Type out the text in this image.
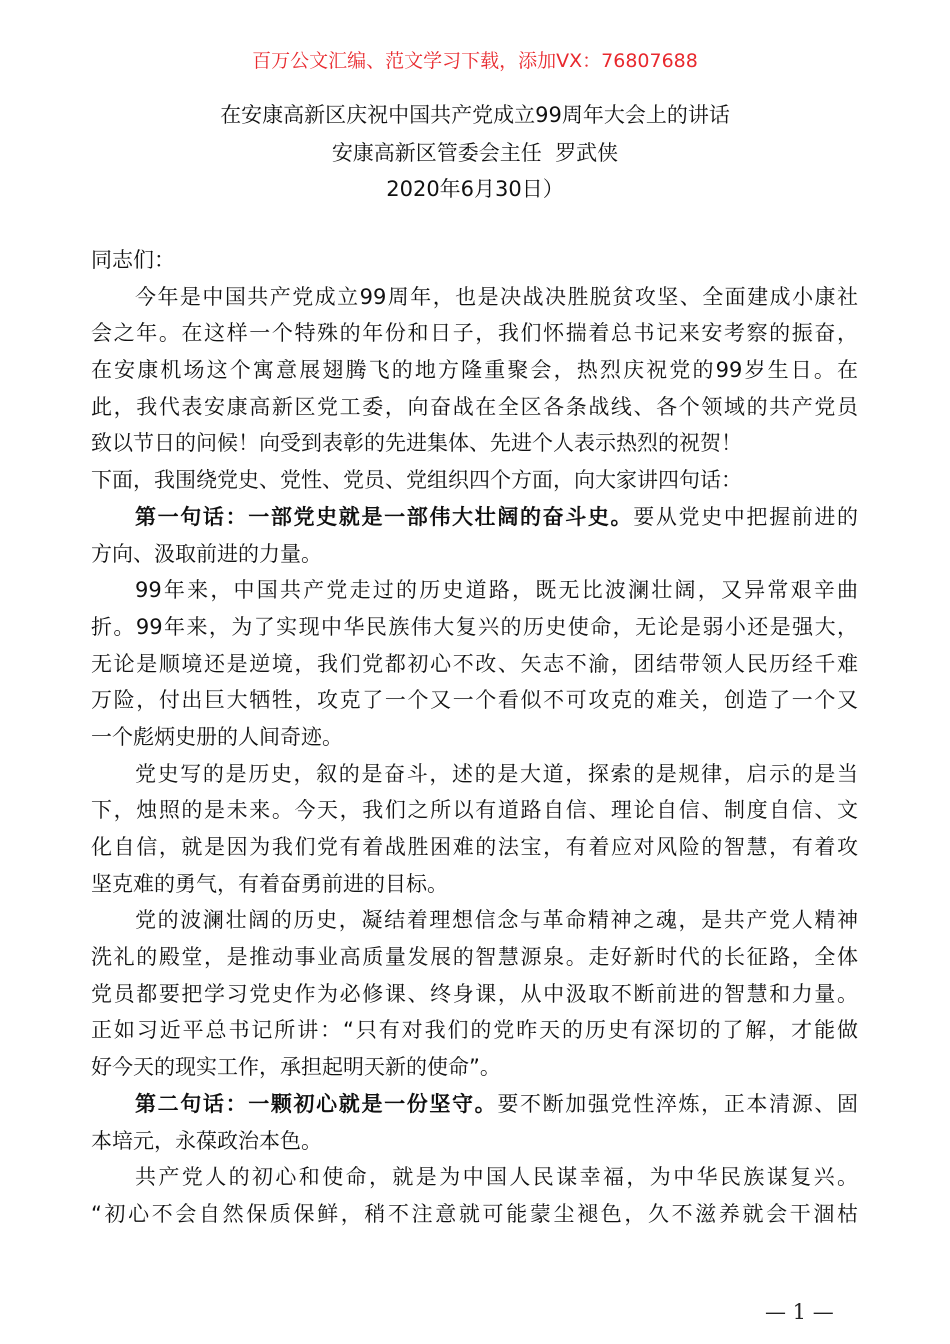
百万公文汇编、范文学习下载，添加VX：76807688
在安康高新区庆祝中国共产党成立99周年大会上的讲话
安康高新区管委会主任  罗武侠
2020年6月30日）
同志们：
今年是中国共产党成立99周年，也是决战决胜脱贫攻坚、全面建成小康社
会之年。在这样一个特殊的年份和日子，我们怀揣着总书记来安考察的振奋，
在安康机场这个寓意展翅腾飞的地方隆重聚会，热烈庆祝党的99岁生日。在
此，我代表安康高新区党工委，向奋战在全区各条战线、各个领域的共产党员
致以节日的问候！向受到表彰的先进集体、先进个人表示热烈的祝贺！
下面，我围绕党史、党性、党员、党组织四个方面，向大家讲四句话：
第一句话：一部党史就是一部伟大壮阔的奋斗史。要从党史中把握前进的
方向、汲取前进的力量。
99年来，中国共产党走过的历史道路，既无比波澜壮阔，又异常艰辛曲
折。99年来，为了实现中华民族伟大复兴的历史使命，无论是弱小还是强大，
无论是顺境还是逆境，我们党都初心不改、矢志不渝，团结带领人民历经千难
万险，付出巨大牺牲，攻克了一个又一个看似不可攻克的难关，创造了一个又
一个彪炳史册的人间奇迹。
党史写的是历史，叙的是奋斗，述的是大道，探索的是规律，启示的是当
下，烛照的是未来。今天，我们之所以有道路自信、理论自信、制度自信、文
化自信，就是因为我们党有着战胜困难的法宝，有着应对风险的智慧，有着攻
坚克难的勇气，有着奋勇前进的目标。
党的波澜壮阔的历史，凝结着理想信念与革命精神之魂，是共产党人精神
洗礼的殿堂，是推动事业高质量发展的智慧源泉。走好新时代的长征路，全体
党员都要把学习党史作为必修课、终身课，从中汲取不断前进的智慧和力量。
正如习近平总书记所讲：“只有对我们的党昨天的历史有深切的了解，才能做
好今天的现实工作，承担起明天新的使命”。
第二句话：一颗初心就是一份坚守。要不断加强党性淬炼，正本清源、固
本培元，永葆政治本色。
共产党人的初心和使命，就是为中国人民谋幸福，为中华民族谋复兴。
“初心不会自然保质保鲜，稍不注意就可能蒙尘褪色，久不滋养就会干涸枯
— 1 —
